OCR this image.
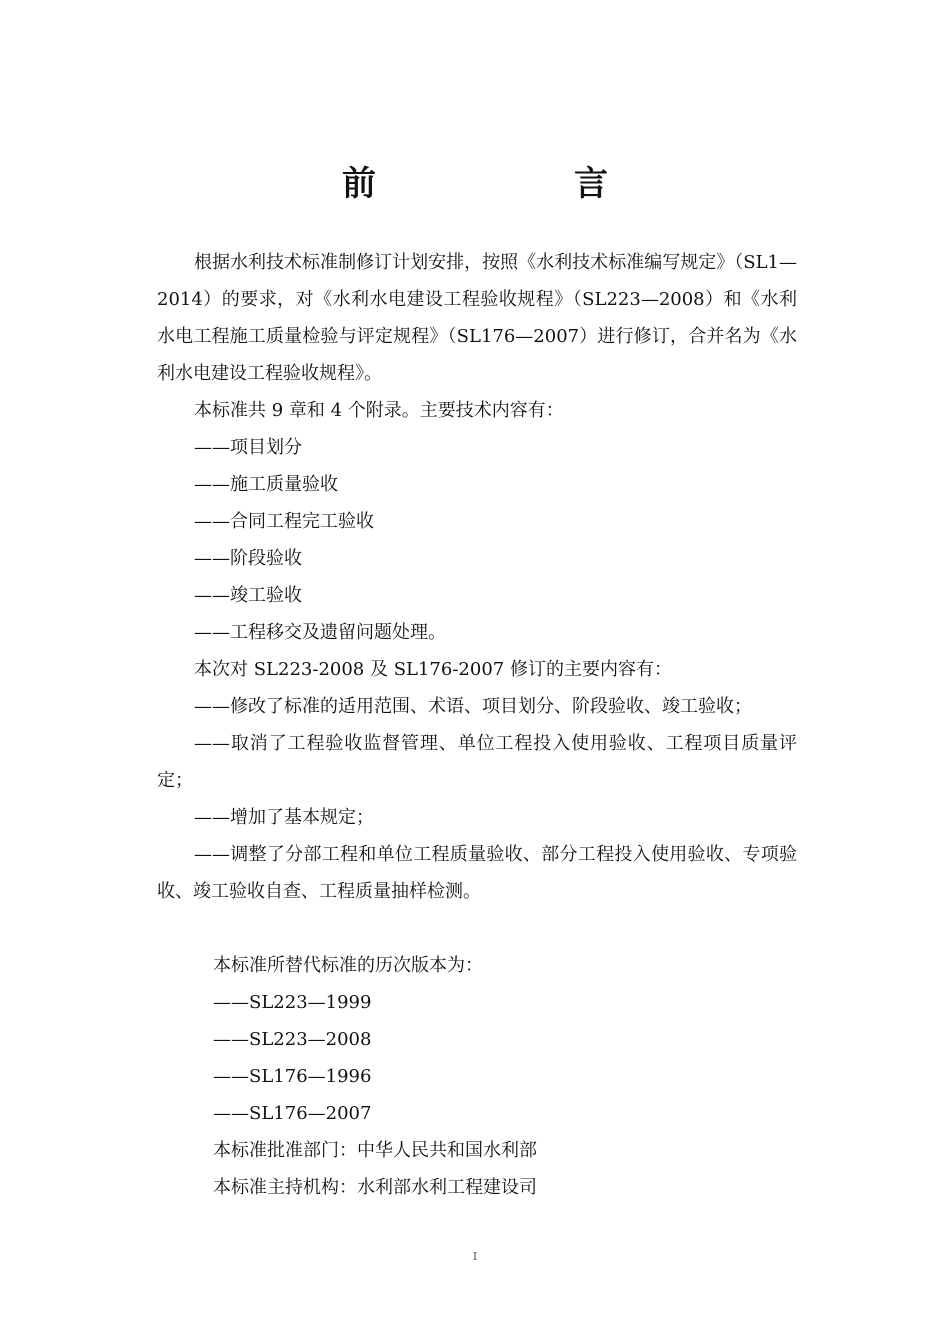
前　言

根据水利技术标准制修订计划安排，按照《水利技术标准编写规定》（SL1—2014）的要求，对《水利水电建设工程验收规程》（SL223—2008）和《水利水电工程施工质量检验与评定规程》（SL176—2007）进行修订，合并名为《水利水电建设工程验收规程》。

本标准共 9 章和 4 个附录。主要技术内容有：

——项目划分

——施工质量验收

——合同工程完工验收

——阶段验收

——竣工验收

——工程移交及遗留问题处理。

本次对 SL223-2008 及 SL176-2007 修订的主要内容有：

——修改了标准的适用范围、术语、项目划分、阶段验收、竣工验收；

——取消了工程验收监督管理、单位工程投入使用验收、工程项目质量评定；

——增加了基本规定；

——调整了分部工程和单位工程质量验收、部分工程投入使用验收、专项验收、竣工验收自查、工程质量抽样检测。

本标准所替代标准的历次版本为：

——SL223—1999

——SL223—2008

——SL176—1996

——SL176—2007

本标准批准部门：中华人民共和国水利部

本标准主持机构：水利部水利工程建设司

I
